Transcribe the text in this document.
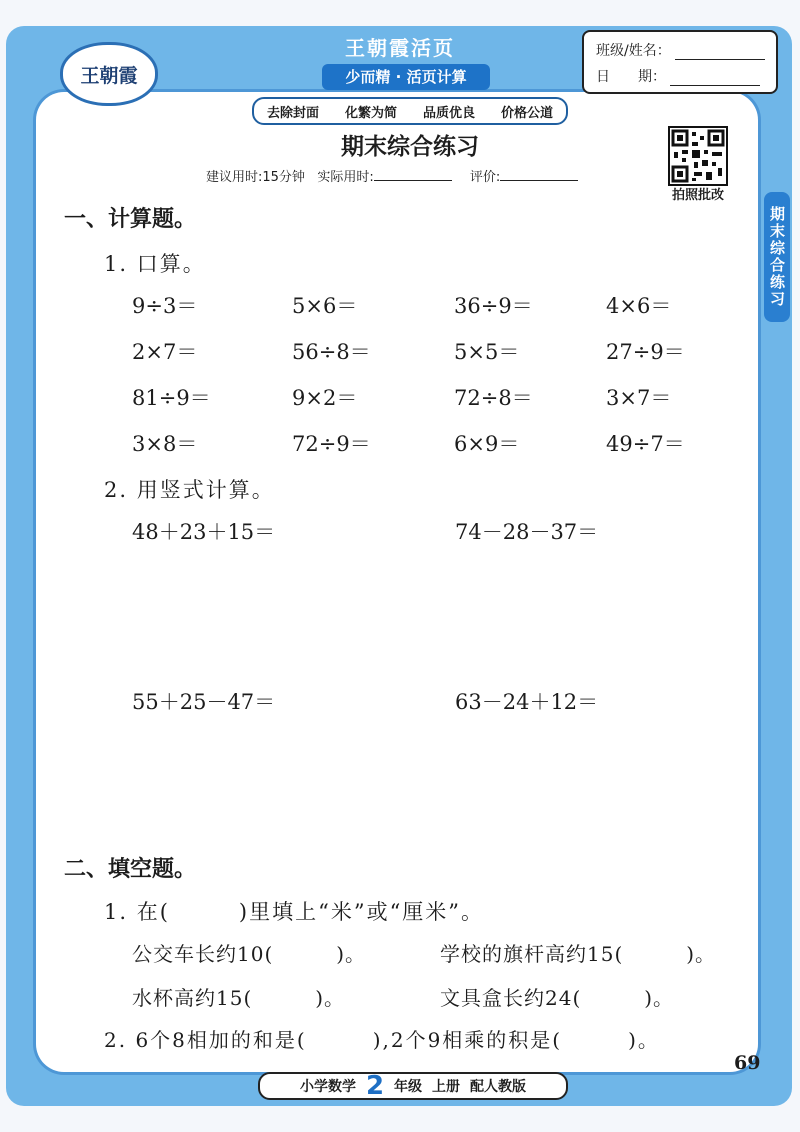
王朝霞
王朝霞活页
少而精 · 活页计算
班级/姓名：
日　　期：
去除封面 化繁为简 品质优良 价格公道
期末综合练习
建议用时:15分钟 实际用时:	评价:
拍照批改
期末综合练习
一、计算题。
1. 口算。
9÷3＝	5×6＝	36÷9＝	4×6＝
2×7＝	56÷8＝	5×5＝	27÷9＝
81÷9＝	9×2＝	72÷8＝	3×7＝
3×8＝	72÷9＝	6×9＝	49÷7＝
2. 用竖式计算。
48＋23＋15＝	74－28－37＝
55＋25－47＝	63－24＋12＝
二、填空题。
1. 在(　　　)里填上“米”或“厘米”。
公交车长约10(　　　)。	学校的旗杆高约15(　　　)。
水杯高约15(　　　)。	文具盒长约24(　　　)。
2. 6个8相加的和是(　　　),2个9相乘的积是(　　　)。
69
小学数学 2 年级 上册 配人教版
